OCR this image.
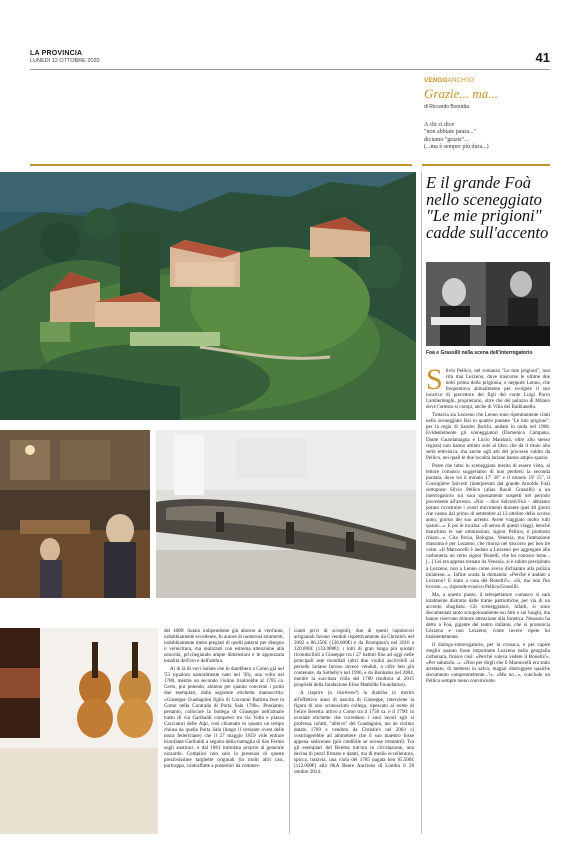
LA PROVINCIA
LUNEDÌ 12 OTTOBRE 2020	41
VENGOANCH'IO
Grazie... ma...
di Riccardo Borzatta
A chi ci dice
"non abbiate paura..."
diciamo "grazie"...
(...ma è sempre più dura...)
E il grande Foà nello sceneggiato "Le mie prigioni" cadde sull'accento
Foà e Grassilli nella scena dell'interrogatorio

del 1808: liutaio indipendente già attorno ai vent'anni, indubbiamente eccellente, fu autore di numerosi strumenti, indubbiamente meno pregiati di quelli paterni per disegno o vernicitura, ma realizzati con estrema attenzione alla sonorità, privilegiando ampie dimensioni e le apprezzata tonalità dell'oro e dell'ambra.

Al di là di voci isolate che lo darebbero a Como già nel '53 (qualora naturalmente nato nel '36), una volta nel 1780, mentre un secondo violino risalirebbe al 1785 ca. Certo, pur potendo, almeno per quanto concerne i primi due esemplari, dalla seguente etichetta manoscritta: «Giuseppe Guadagnini figlio di Giovanni Battista fece in Como nella Contrada di Porta Sala 1780». Possiamo, pertanto, collocare la bottega di Giuseppe nell'attuale tratto di via Garibaldi compreso tra via Volta e piazza Cacciatori delle Alpi, cosi chiamato in quanto un tempo chiusa da quella Porta Sala (lungo il versante ovest delle mura federiciane) che il 27 maggio 1859 vide entrare trionfante Garibaldi a seguito della battaglia di San Fermo sugli austriaci, e dal 1861 intitolata proprio al generale nizzardo. Complice non solo la presenza di queste preziosissime targhette originali (in molti altri casi, purtroppo, contraffatte a posteriori da commer-

cianti privi di scrupoli), due di questi capolavori artigianali furono venduti rispettivamente da Christie's nel 2002 a 86.250£ (136.000€) e da Brompton's nel 2016 a 120.000£ (133.000€): i lotti di gran lunga più quotati riconducibili a Giuseppe tra i 27 battuti fino ad oggi nelle principali aste mondiali (altri due violini ascrivibili al periodo lariano furono invece venduti, a cifre ben più contenute, da Sotheby's nel 1996, e da Bonhams nel 2004, mentre la succitata viola del 1780 risultava al 2015 proprietà della fondazione Elise Mathilde Foundation).

A riaprire (o risolvere?) la diatriba in merito all'effettivo anno di nascita di Giuseppe, interviene la figura di uno sconosciuto collega, ripescato al nome di Felice Beretta: attivo a Como tra il 1758 ca. e il 1790: in svariate etichette che corredano i suoi lavori egli si professa, infatti, "allievo" del Guadagnini, ma un violino datato 1769 e venduto da Christie's nel 2003 ci costringerebbe ad ammettere che il suo maestro fosse appena sedicenne (più credibile se avesse trentatré). Tra gli esemplari del Beretta tutt'ora in circolazione, una decina di pezzi firmato e datati, ma di medio eccellentura, spicca, tuttavia, una viola del 1785 pagata ben 85.500£ (112.000€) alla J&A Beare Auctions di Londra il 28 ottobre 2014.

Silvio Pellico, nel romanzo "Le mie prigioni", non cita mai Lezzeno, dove trascorse le ultime due notti prima della prigionia, e neppure Lenno, che frequentava abitualmente per svolgere il suo incarico di precettore dei figli del conte Luigi Porro Lambertenghi, proprietario, oltre che del palazzo di Milano dove l'arresto si compì, anche di Villa del Balbianello.

Tuttavia sia Lezzeno che Lenno sono ripetutamente citati nello sceneggiato Rai in quattro puntate "Le mie prigioni", per la regia di Sandro Bolchi, andato in onda nel 1968. Evidentemente gli sceneggiatori (Domenico Campana, Dante Guardamagna e Lucio Mandarà, oltre allo stesso regista) non hanno attinto solo al libro che dà il titolo alla serie televisiva, ma anche agli atti del processo subìto da Pellico, nei quali le due località lariane hanno ampio spazio.

Poste che tutto lo sceneggiato merita di essere visto, al lettore comasco suggeriamo di non perdersi la seconda puntata, dove tra il minuto 17' 30" e il minuto 19' 15", il Consigliere Salvotti (interpretato dal grande Arnoldo Foà) sottopone Silvio Pellico (alias Raoul Grassilli) a un interrogatorio sui suoi spostamenti sospetti nel periodo precedente all'arresto. «Noi – dice Salvotti/Foà – abbiamo potuto ricostruire i vostri movimenti durante quei 40 giorni che vanno dal primo di settembre al 13 ottobre dello scorso anno, giorno del suo arresto. Avete viaggiato molto tutti quanti...». E poi le incalza: «Il senso di questi viaggi, benché manchino le sue ammissioni, signor Pellico, è piuttosto chiaro...». Cita Pavia, Bologna, Venezia, ma l'attenzione massima è per Lezzeno, che ritorna nel discorso per ben tre volte. «Il Maroncelli è andato a Lezzeno per aggregare alla carboneria un certo signor Bonelli, che lei conosce bene... [...] Lei era appena tornato da Venezia, si è subito precipitato a Lezzeno, non a Lenno come aveva dichiarato alla polizia milanese...». Infine scatta la domanda: «Perché è andato a Lezzeno? E stato a casa del Bonelli?». «Sì, ma non l'ho trovato...», risponde evasivo Pellico/Grassilli.

Ma, a questo punto, il telespettatore comasco si sarà totalmente distratto dalle trame patriottiche, per via di un accento sbagliato. Gli sceneggiatori, infatti, si sono documentati tanto scrupolosamente sui fatti e sui luoghi, ma hanno riservato minore attenzione alla fonetica. Nessuno ha detto a Foà, gigante del teatro italiano, che si pronuncia Lèzzeno e non Lezzèno, come invece ripete lui insistentemente.

Il dialogo-interrogatorio, per la cronaca, e per capire meglio quanto fosse importante Lezzeno nella geografia carbonara, finisce così: «Perché voleva vedere il Bonelli?». «Per salutarlo...». «Non per dirgli che il Maroncelli era stato arrestato, di mettersi in salvo, magari distruggere qualche documento compromettente...?». «Ma no...», conclude un Pellico sempre meno convincente.
